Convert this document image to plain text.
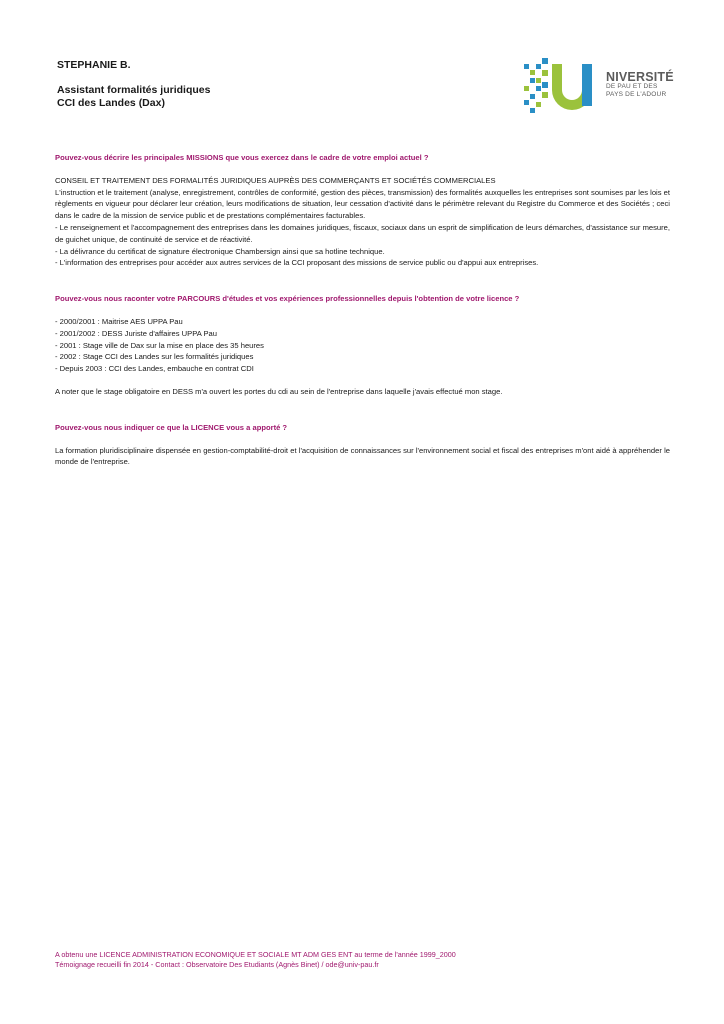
STEPHANIE B.

Assistant formalités juridiques

CCI des Landes (Dax)

NIVERSITÉ
DE PAU ET DES
PAYS DE L'ADOUR

Pouvez-vous décrire les principales MISSIONS que vous exercez dans le cadre de votre emploi actuel ?

CONSEIL ET TRAITEMENT DES FORMALITÉS JURIDIQUES AUPRÈS DES COMMERÇANTS ET SOCIÉTÉS COMMERCIALES

L'instruction et le traitement (analyse, enregistrement, contrôles de conformité, gestion des pièces, transmission) des formalités auxquelles les entreprises sont soumises par les lois et règlements en vigueur pour déclarer leur création, leurs modifications de situation, leur cessation d'activité dans le périmètre relevant du Registre du Commerce et des Sociétés ; ceci dans le cadre de la mission de service public et de prestations complémentaires facturables.

- Le renseignement et l'accompagnement des entreprises dans les domaines juridiques, fiscaux, sociaux dans un esprit de simplification de leurs démarches, d'assistance sur mesure, de guichet unique, de continuité de service et de réactivité.

- La délivrance du certificat de signature électronique Chambersign ainsi que sa hotline technique.

- L'information des entreprises pour accéder aux autres services de la CCI proposant des missions de service public ou d'appui aux entreprises.

Pouvez-vous nous raconter votre PARCOURS d'études et vos expériences professionnelles depuis l'obtention de votre licence ?

- 2000/2001 : Maitrise AES UPPA Pau

- 2001/2002 : DESS Juriste d'affaires UPPA Pau

- 2001 : Stage ville de Dax sur la mise en place des 35 heures

- 2002 : Stage CCI des Landes sur les formalités juridiques

- Depuis 2003 : CCI des Landes, embauche en contrat CDI

A noter que le stage obligatoire en DESS m'a ouvert les portes du cdi au sein de l'entreprise dans laquelle j'avais effectué mon stage.

Pouvez-vous nous indiquer ce que la LICENCE vous a apporté ?

La formation pluridisciplinaire dispensée en gestion-comptabilité-droit et l'acquisition de connaissances sur l'environnement social et fiscal des entreprises m'ont aidé à appréhender le monde de l'entreprise.

A obtenu une LICENCE ADMINISTRATION ECONOMIQUE ET SOCIALE MT ADM GES ENT au terme de l'année 1999_2000
Témoignage recueilli fin 2014 - Contact : Observatoire Des Etudiants (Agnès Binet) / ode@univ-pau.fr
